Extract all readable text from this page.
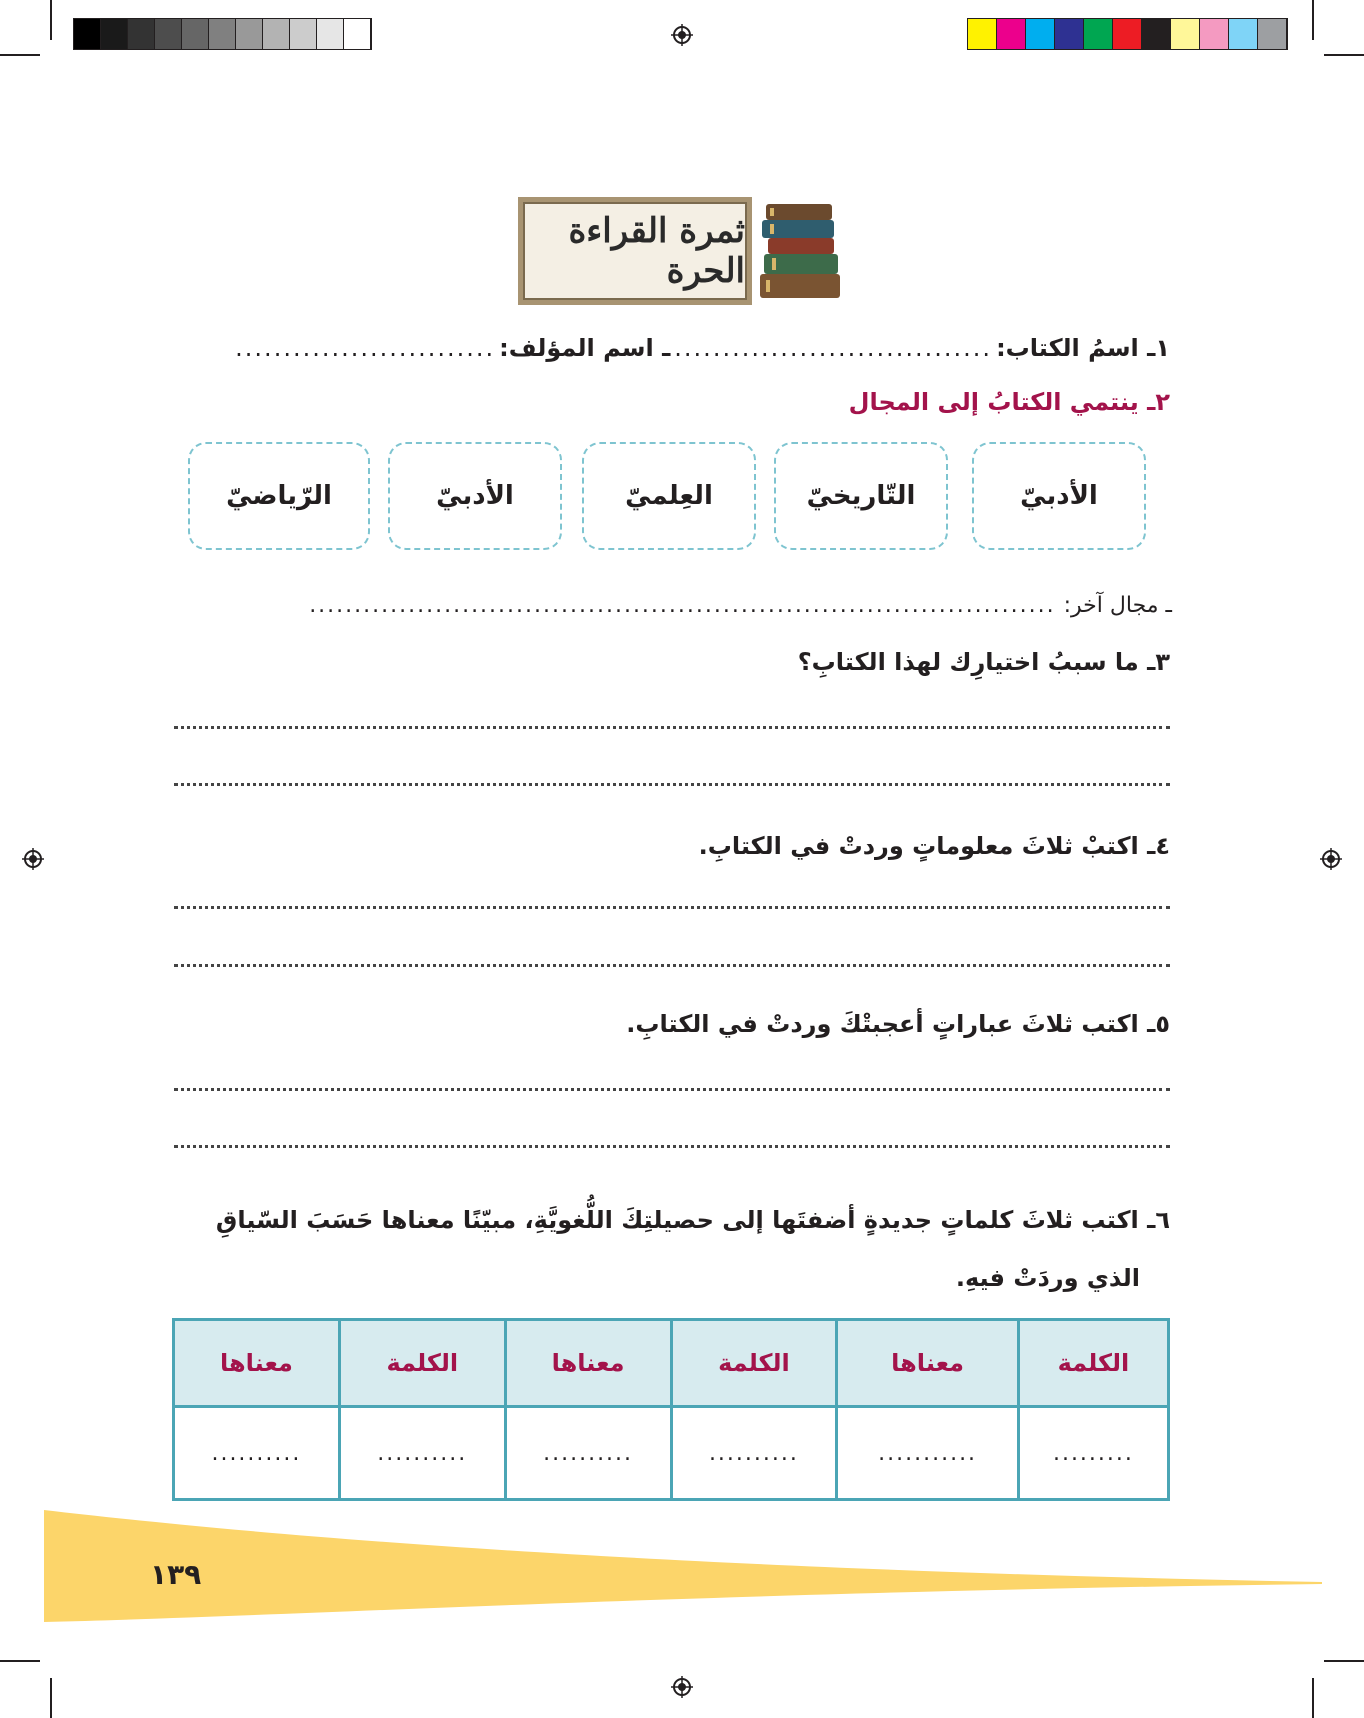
ثمرة القراءة الحرة
١ـ اسمُ الكتاب:
.................................
ـ اسم المؤلف:
...........................
٢ـ ينتمي الكتابُ إلى المجال
الأدبيّ
التّاريخيّ
العِلميّ
الأدبيّ
الرّياضيّ
ـ مجال آخر:
...................................................................................
٣ـ ما سببُ اختيارِك لهذا الكتابِ؟
٤ـ اكتبْ ثلاثَ معلوماتٍ وردتْ في الكتابِ.
٥ـ اكتب ثلاثَ عباراتٍ أعجبتْكَ وردتْ في الكتابِ.
٦ـ اكتب ثلاثَ كلماتٍ جديدةٍ أضفتَها إلى حصيلتِكَ اللُّغويَّةِ، مبيّنًا معناها حَسَبَ السّياقِ
الذي وردَتْ فيهِ.
الكلمة	معناها	الكلمة	معناها	الكلمة	معناها
.........	...........	..........	..........	..........	..........
١٣٩
